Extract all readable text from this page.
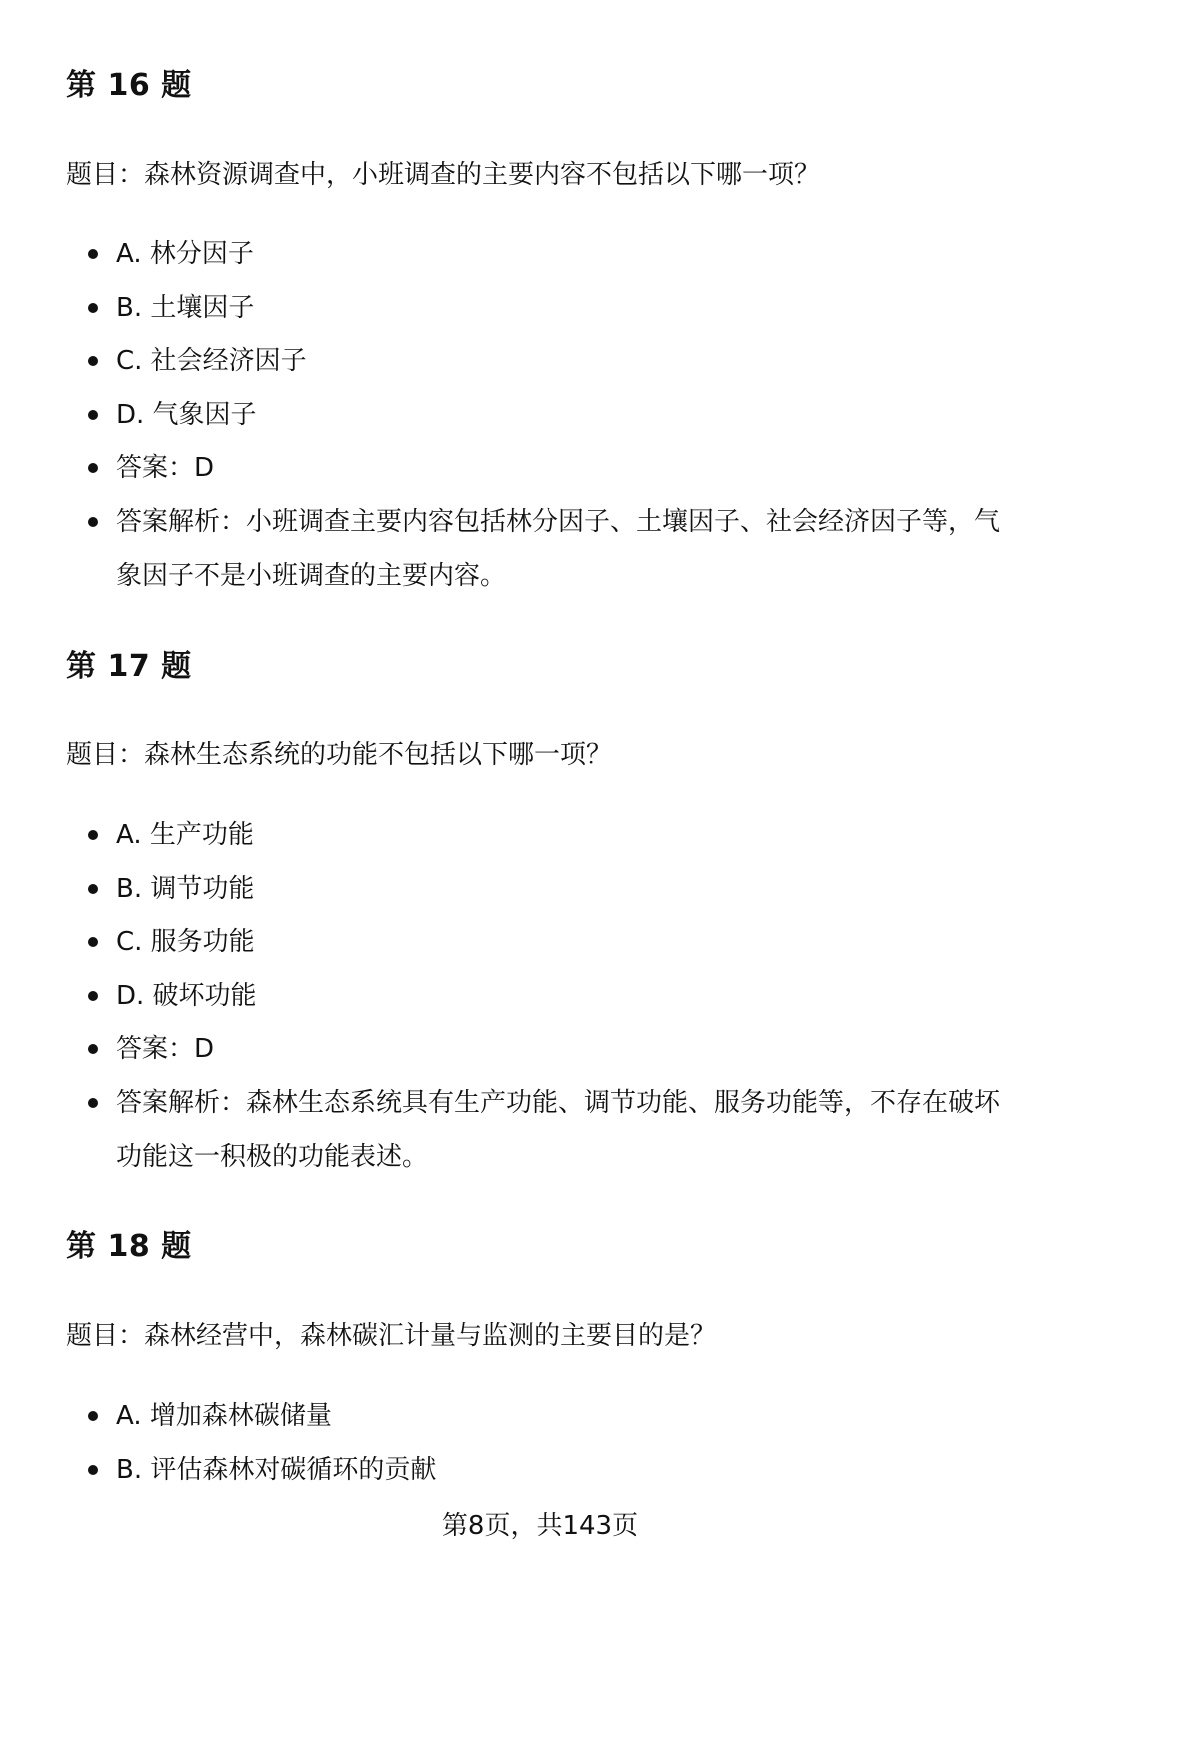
第 16 题

题目：森林资源调查中，小班调查的主要内容不包括以下哪一项？

A. 林分因子
B. 土壤因子
C. 社会经济因子
D. 气象因子
答案：D
答案解析：小班调查主要内容包括林分因子、土壤因子、社会经济因子等，气象因子不是小班调查的主要内容。
第 17 题

题目：森林生态系统的功能不包括以下哪一项？

A. 生产功能
B. 调节功能
C. 服务功能
D. 破坏功能
答案：D
答案解析：森林生态系统具有生产功能、调节功能、服务功能等，不存在破坏功能这一积极的功能表述。
第 18 题

题目：森林经营中，森林碳汇计量与监测的主要目的是？

A. 增加森林碳储量
B. 评估森林对碳循环的贡献
第8页，共143页
